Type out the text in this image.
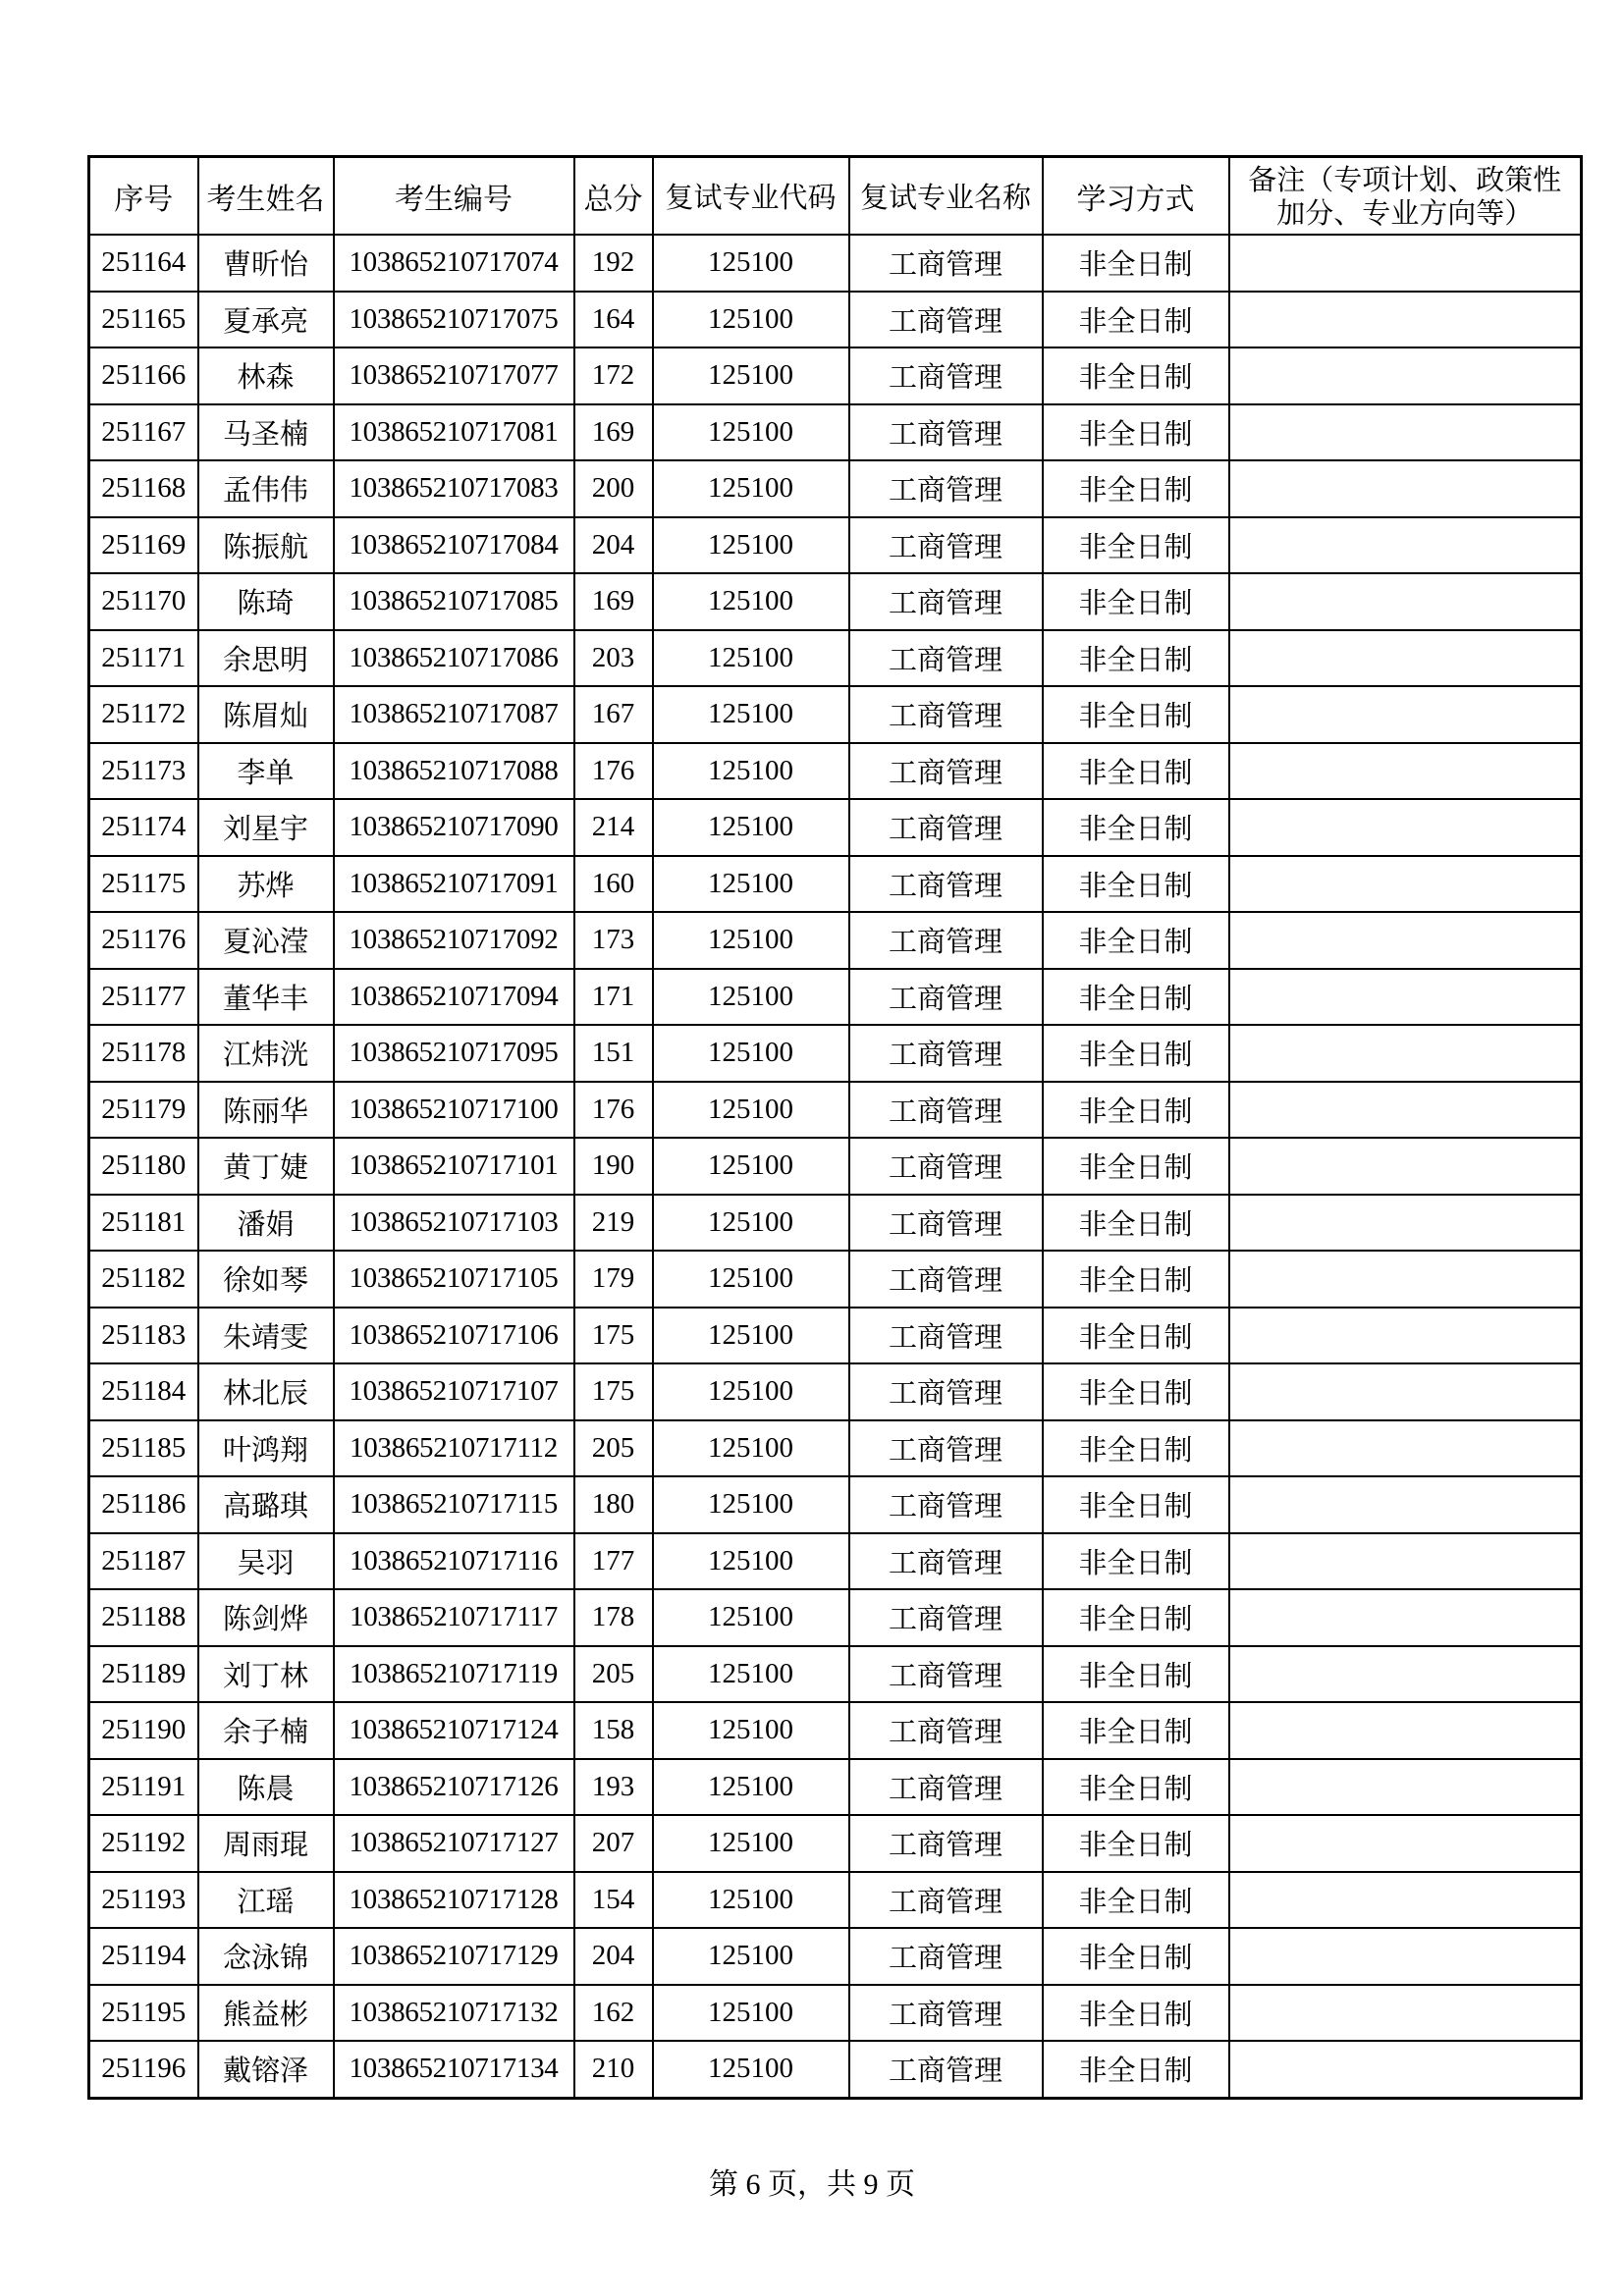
序号	考生姓名	考生编号	总分	复试专业代码	复试专业名称	学习方式	备注（专项计划、政策性加分、专业方向等）
251164	曹昕怡	103865210717074	192	125100	工商管理	非全日制	
251165	夏承亮	103865210717075	164	125100	工商管理	非全日制	
251166	林森	103865210717077	172	125100	工商管理	非全日制	
251167	马圣楠	103865210717081	169	125100	工商管理	非全日制	
251168	孟伟伟	103865210717083	200	125100	工商管理	非全日制	
251169	陈振航	103865210717084	204	125100	工商管理	非全日制	
251170	陈琦	103865210717085	169	125100	工商管理	非全日制	
251171	余思明	103865210717086	203	125100	工商管理	非全日制	
251172	陈眉灿	103865210717087	167	125100	工商管理	非全日制	
251173	李单	103865210717088	176	125100	工商管理	非全日制	
251174	刘星宇	103865210717090	214	125100	工商管理	非全日制	
251175	苏烨	103865210717091	160	125100	工商管理	非全日制	
251176	夏沁滢	103865210717092	173	125100	工商管理	非全日制	
251177	董华丰	103865210717094	171	125100	工商管理	非全日制	
251178	江炜洸	103865210717095	151	125100	工商管理	非全日制	
251179	陈丽华	103865210717100	176	125100	工商管理	非全日制	
251180	黄丁婕	103865210717101	190	125100	工商管理	非全日制	
251181	潘娟	103865210717103	219	125100	工商管理	非全日制	
251182	徐如琴	103865210717105	179	125100	工商管理	非全日制	
251183	朱靖雯	103865210717106	175	125100	工商管理	非全日制	
251184	林北辰	103865210717107	175	125100	工商管理	非全日制	
251185	叶鸿翔	103865210717112	205	125100	工商管理	非全日制	
251186	高璐琪	103865210717115	180	125100	工商管理	非全日制	
251187	吴羽	103865210717116	177	125100	工商管理	非全日制	
251188	陈剑烨	103865210717117	178	125100	工商管理	非全日制	
251189	刘丁林	103865210717119	205	125100	工商管理	非全日制	
251190	余子楠	103865210717124	158	125100	工商管理	非全日制	
251191	陈晨	103865210717126	193	125100	工商管理	非全日制	
251192	周雨琨	103865210717127	207	125100	工商管理	非全日制	
251193	江瑶	103865210717128	154	125100	工商管理	非全日制	
251194	念泳锦	103865210717129	204	125100	工商管理	非全日制	
251195	熊益彬	103865210717132	162	125100	工商管理	非全日制	
251196	戴镕泽	103865210717134	210	125100	工商管理	非全日制	
第 6 页，共 9 页
